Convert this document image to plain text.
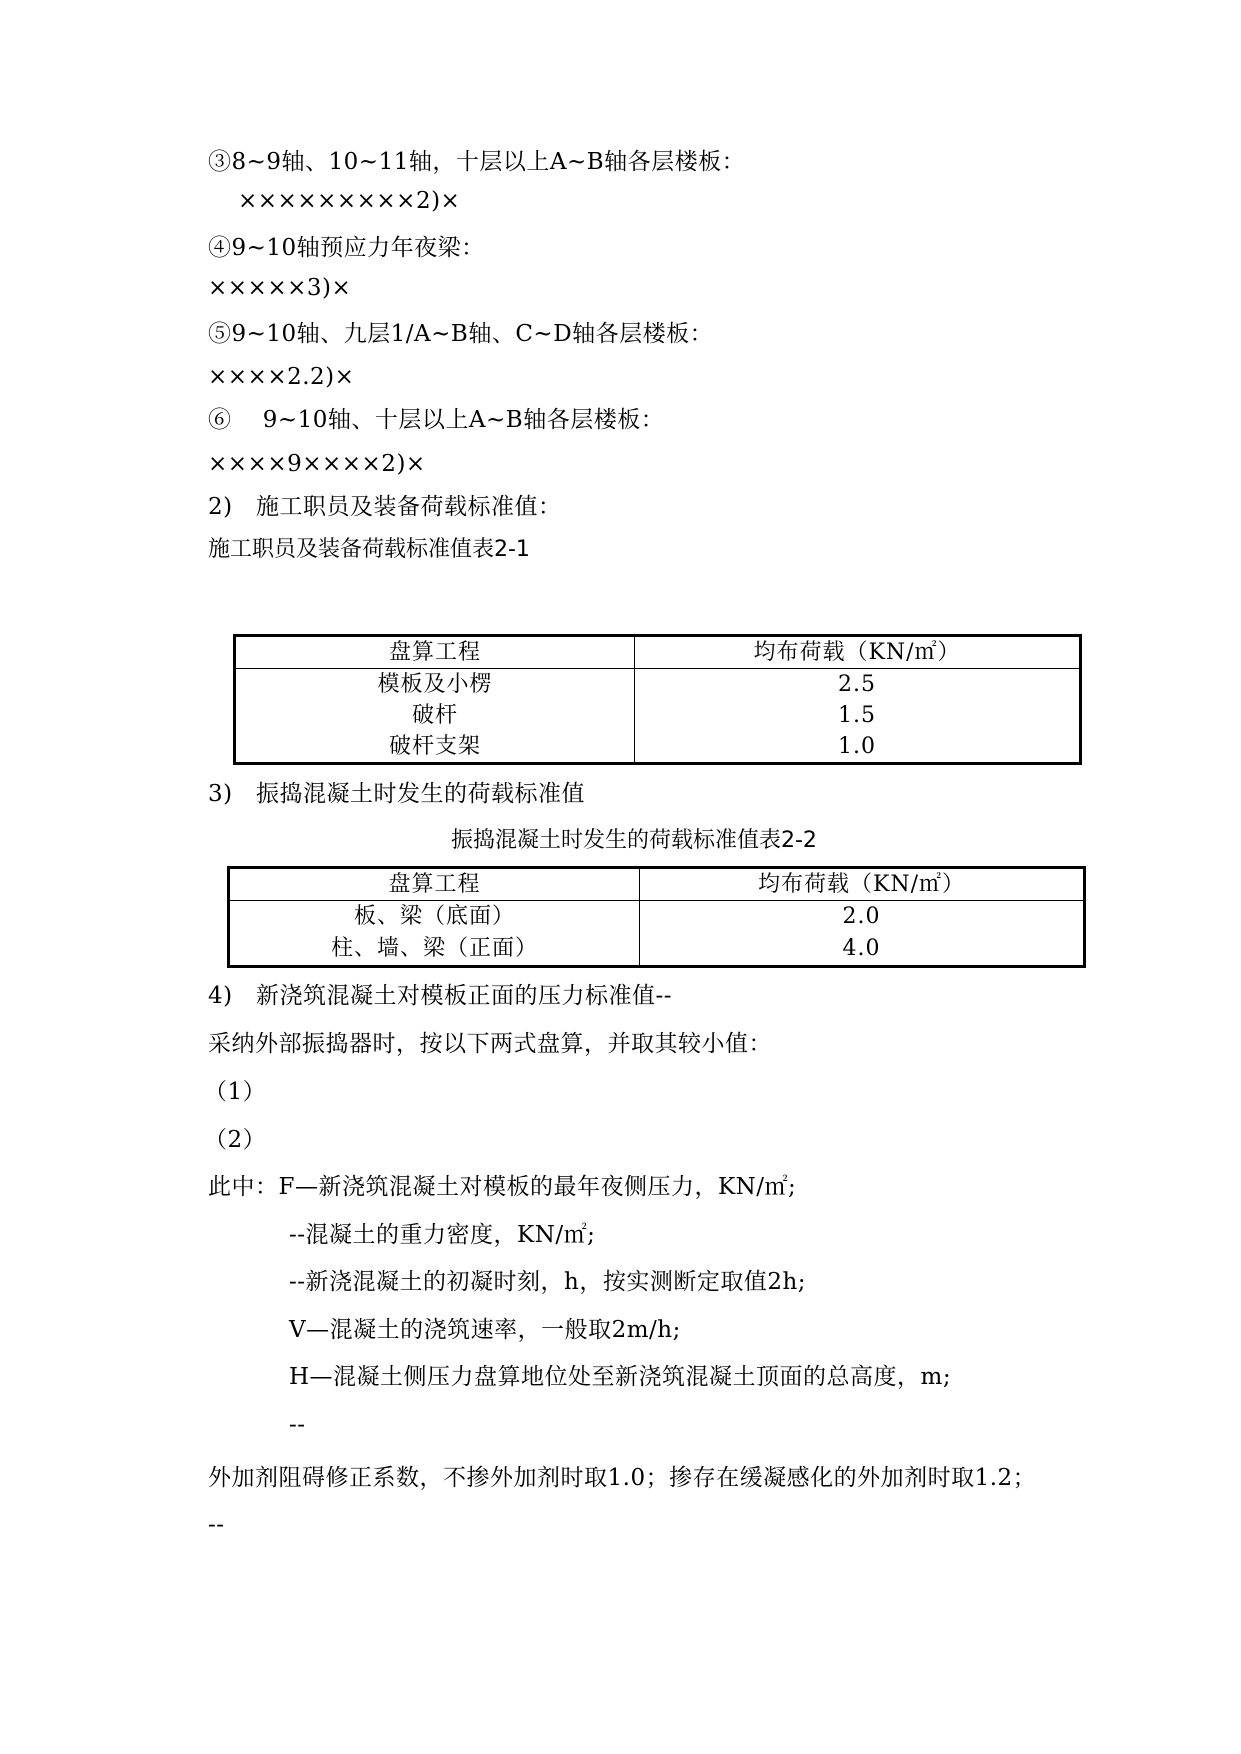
③8~9轴、10~11轴，十层以上A~B轴各层楼板：
×××××××××2)×
④9~10轴预应力年夜梁：
×××××3)×
⑤9~10轴、九层1/A~B轴、C~D轴各层楼板：
××××2.2)×
⑥    9~10轴、十层以上A~B轴各层楼板：
××××9××××2)×
2)   施工职员及装备荷载标准值：
施工职员及装备荷载标准值表2-1
盘算工程	均布荷载（KN/㎡）
模板及小楞	2.5
破杆	1.5
破杆支架	1.0
3)   振捣混凝土时发生的荷载标准值
振捣混凝土时发生的荷载标准值表2-2
盘算工程	均布荷载（KN/㎡）
板、梁（底面）	2.0
柱、墙、梁（正面）	4.0
4)   新浇筑混凝土对模板正面的压力标准值--
采纳外部振捣器时，按以下两式盘算，并取其较小值：
（1）
（2）
此中：F—新浇筑混凝土对模板的最年夜侧压力，KN/㎡;
--混凝土的重力密度，KN/㎡;
--新浇混凝土的初凝时刻，h，按实测断定取值2h;
V—混凝土的浇筑速率，一般取2m/h;
H—混凝土侧压力盘算地位处至新浇筑混凝土顶面的总高度，m;
--
外加剂阻碍修正系数，不掺外加剂时取1.0；掺存在缓凝感化的外加剂时取1.2；
--
